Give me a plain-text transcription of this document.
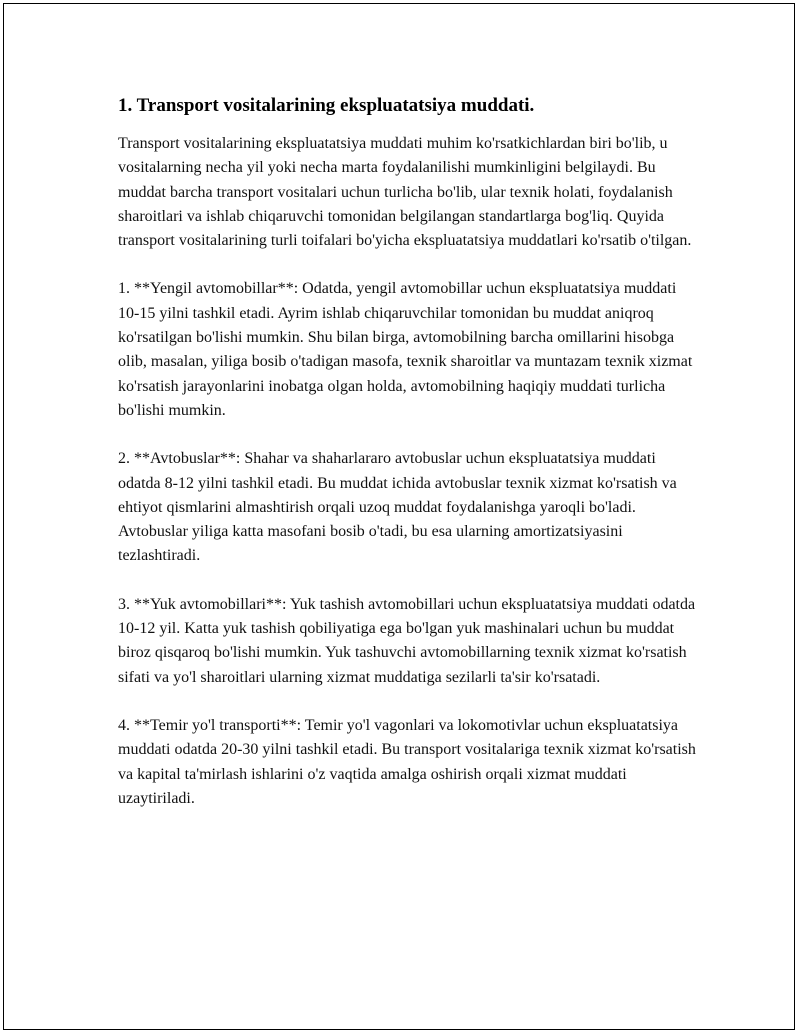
1. Transport vositalarining ekspluatatsiya muddati.

Transport vositalarining ekspluatatsiya muddati muhim ko'rsatkichlardan biri bo'lib, u vositalarning necha yil yoki necha marta foydalanilishi mumkinligini belgilaydi. Bu muddat barcha transport vositalari uchun turlicha bo'lib, ular texnik holati, foydalanish sharoitlari va ishlab chiqaruvchi tomonidan belgilangan standartlarga bog'liq. Quyida transport vositalarining turli toifalari bo'yicha ekspluatatsiya muddatlari ko'rsatib o'tilgan.

1. **Yengil avtomobillar**: Odatda, yengil avtomobillar uchun ekspluatatsiya muddati 10-15 yilni tashkil etadi. Ayrim ishlab chiqaruvchilar tomonidan bu muddat aniqroq ko'rsatilgan bo'lishi mumkin. Shu bilan birga, avtomobilning barcha omillarini hisobga olib, masalan, yiliga bosib o'tadigan masofa, texnik sharoitlar va muntazam texnik xizmat ko'rsatish jarayonlarini inobatga olgan holda, avtomobilning haqiqiy muddati turlicha bo'lishi mumkin.

2. **Avtobuslar**: Shahar va shaharlararo avtobuslar uchun ekspluatatsiya muddati odatda 8-12 yilni tashkil etadi. Bu muddat ichida avtobuslar texnik xizmat ko'rsatish va ehtiyot qismlarini almashtirish orqali uzoq muddat foydalanishga yaroqli bo'ladi. Avtobuslar yiliga katta masofani bosib o'tadi, bu esa ularning amortizatsiyasini tezlashtiradi.

3. **Yuk avtomobillari**: Yuk tashish avtomobillari uchun ekspluatatsiya muddati odatda 10-12 yil. Katta yuk tashish qobiliyatiga ega bo'lgan yuk mashinalari uchun bu muddat biroz qisqaroq bo'lishi mumkin. Yuk tashuvchi avtomobillarning texnik xizmat ko'rsatish sifati va yo'l sharoitlari ularning xizmat muddatiga sezilarli ta'sir ko'rsatadi.

4. **Temir yo'l transporti**: Temir yo'l vagonlari va lokomotivlar uchun ekspluatatsiya muddati odatda 20-30 yilni tashkil etadi. Bu transport vositalariga texnik xizmat ko'rsatish va kapital ta'mirlash ishlarini o'z vaqtida amalga oshirish orqali xizmat muddati uzaytiriladi.
